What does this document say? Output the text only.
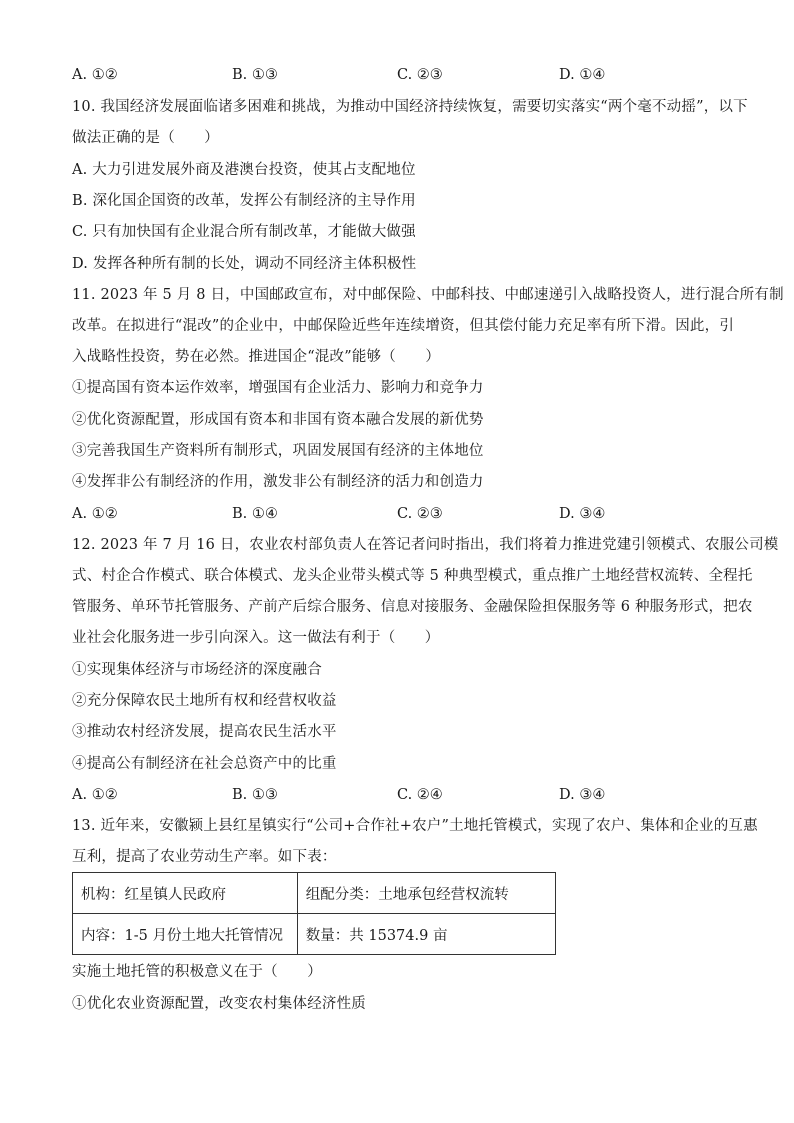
A. ①②	B. ①③	C. ②③	D. ①④
10. 我国经济发展面临诸多困难和挑战，为推动中国经济持续恢复，需要切实落实“两个毫不动摇”，以下
做法正确的是（　　）
A. 大力引进发展外商及港澳台投资，使其占支配地位
B. 深化国企国资的改革，发挥公有制经济的主导作用
C. 只有加快国有企业混合所有制改革，才能做大做强
D. 发挥各种所有制的长处，调动不同经济主体积极性
11. 2023 年 5 月 8 日，中国邮政宣布，对中邮保险、中邮科技、中邮速递引入战略投资人，进行混合所有制
改革。在拟进行“混改”的企业中，中邮保险近些年连续增资，但其偿付能力充足率有所下滑。因此，引
入战略性投资，势在必然。推进国企“混改”能够（　　）
①提高国有资本运作效率，增强国有企业活力、影响力和竞争力
②优化资源配置，形成国有资本和非国有资本融合发展的新优势
③完善我国生产资料所有制形式，巩固发展国有经济的主体地位
④发挥非公有制经济的作用，激发非公有制经济的活力和创造力
A. ①②	B. ①④	C. ②③	D. ③④
12. 2023 年 7 月 16 日，农业农村部负责人在答记者问时指出，我们将着力推进党建引领模式、农服公司模
式、村企合作模式、联合体模式、龙头企业带头模式等 5 种典型模式，重点推广土地经营权流转、全程托
管服务、单环节托管服务、产前产后综合服务、信息对接服务、金融保险担保服务等 6 种服务形式，把农
业社会化服务进一步引向深入。这一做法有利于（　　）
①实现集体经济与市场经济的深度融合
②充分保障农民土地所有权和经营权收益
③推动农村经济发展，提高农民生活水平
④提高公有制经济在社会总资产中的比重
A. ①②	B. ①③	C. ②④	D. ③④
13. 近年来，安徽颍上县红星镇实行“公司+合作社+农户”土地托管模式，实现了农户、集体和企业的互惠
互利，提高了农业劳动生产率。如下表：
机构：红星镇人民政府	组配分类：土地承包经营权流转
内容：1-5 月份土地大托管情况	数量：共 15374.9 亩
实施土地托管的积极意义在于（　　）
①优化农业资源配置，改变农村集体经济性质
